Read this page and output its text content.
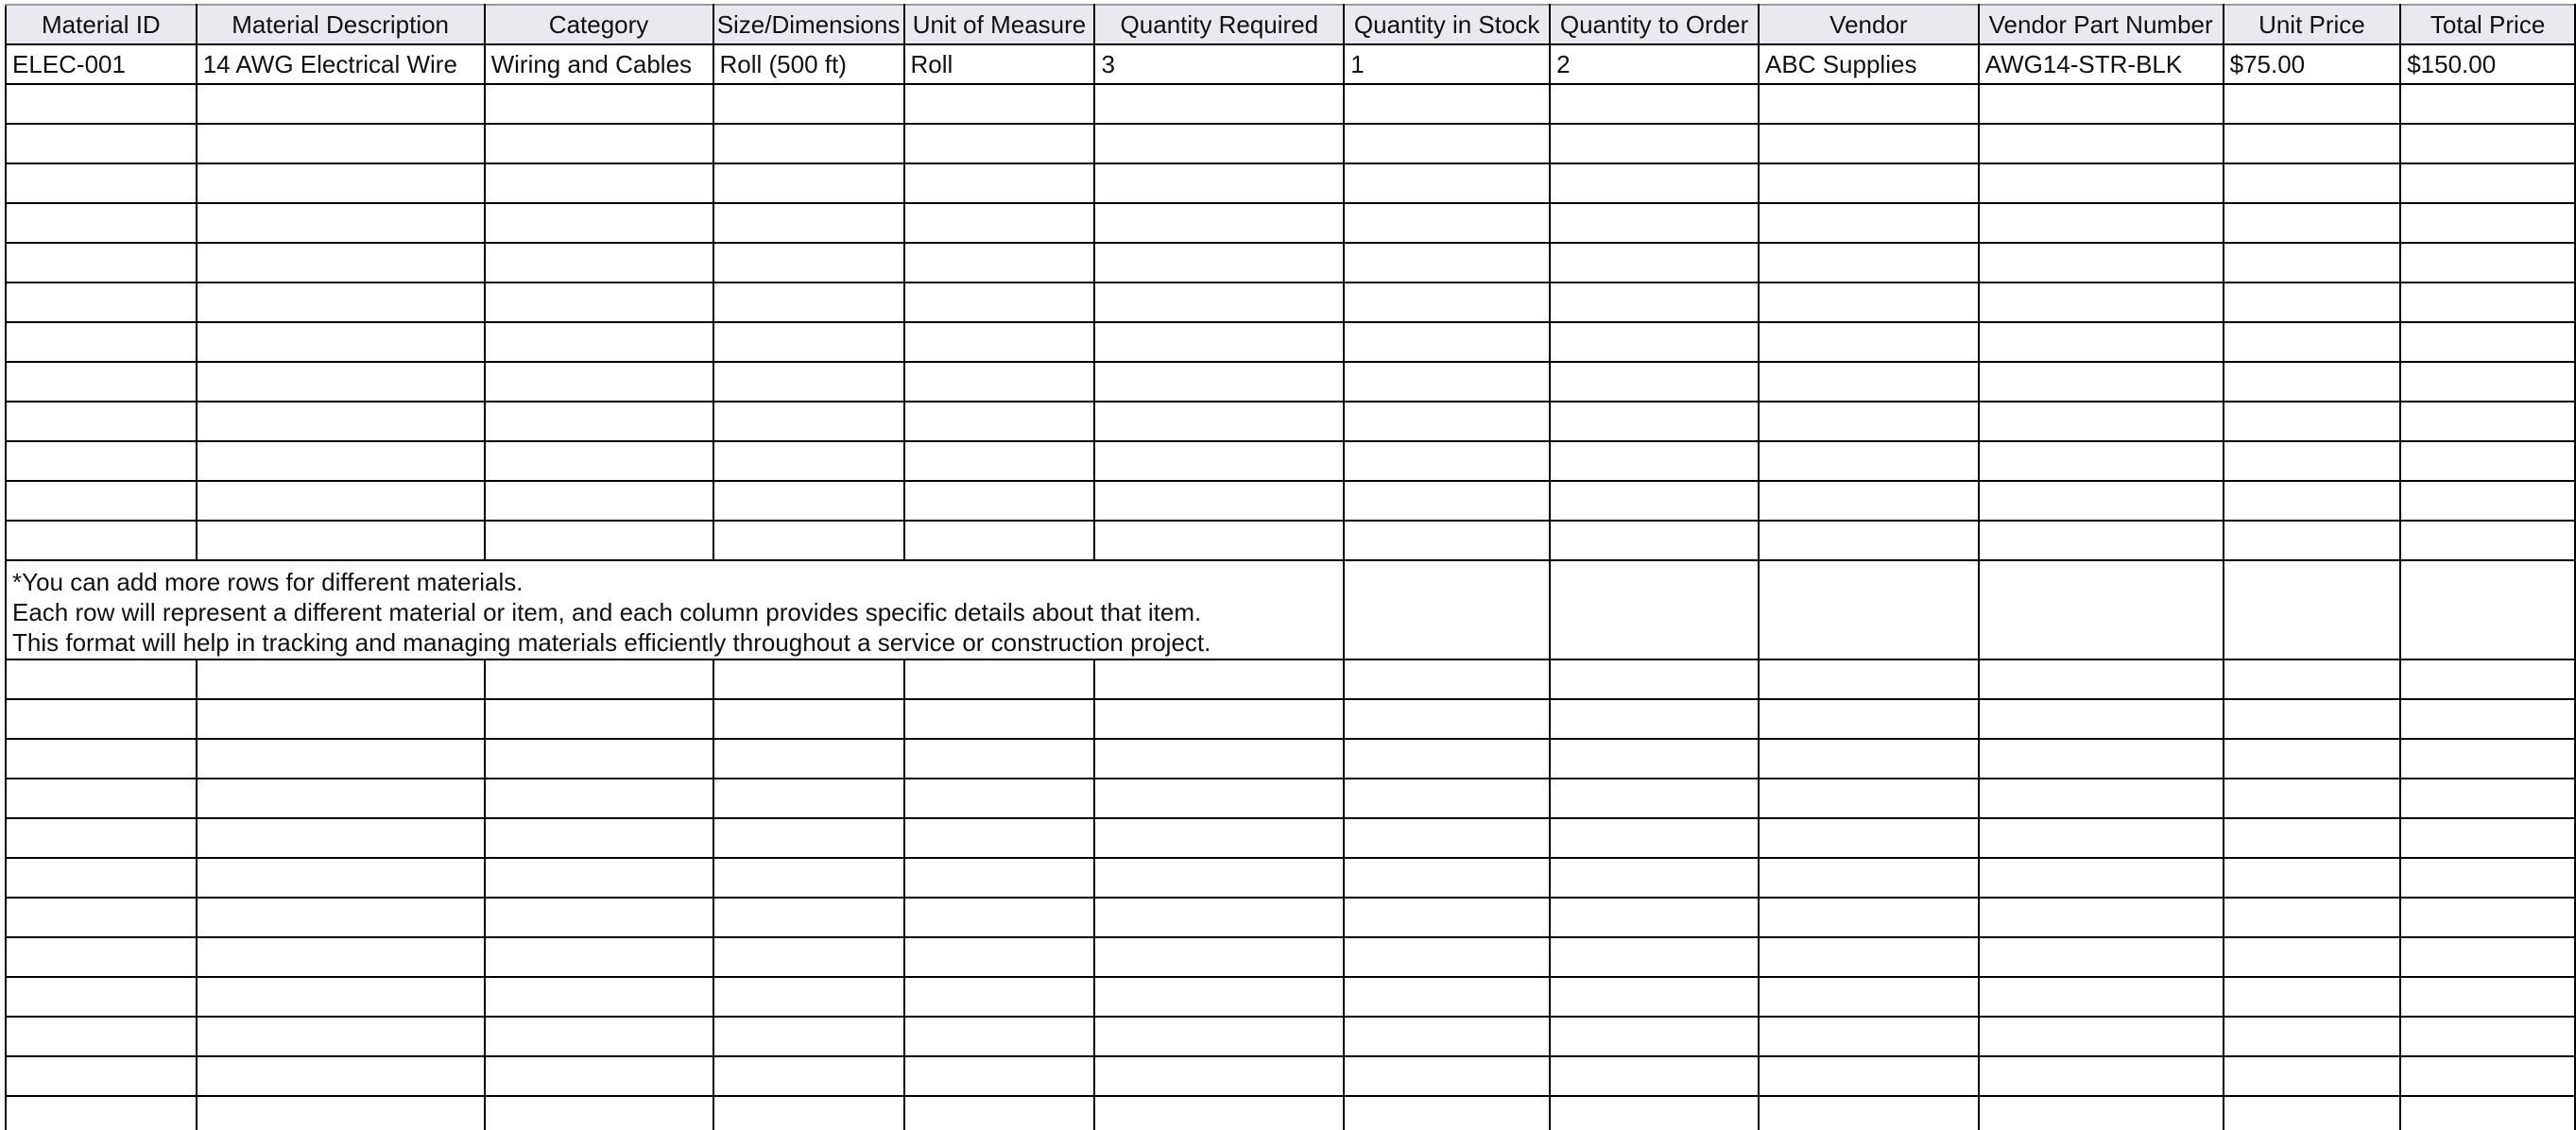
Material ID	Material Description	Category	Size/Dimensions	Unit of Measure	Quantity Required	Quantity in Stock	Quantity to Order	Vendor	Vendor Part Number	Unit Price	Total Price
ELEC-001	14 AWG Electrical Wire	Wiring and Cables	Roll (500 ft)	Roll	3	1	2	ABC Supplies	AWG14-STR-BLK	$75.00	$150.00

*You can add more rows for different materials.
Each row will represent a different material or item, and each column provides specific details about that item.
This format will help in tracking and managing materials efficiently throughout a service or construction project.											
